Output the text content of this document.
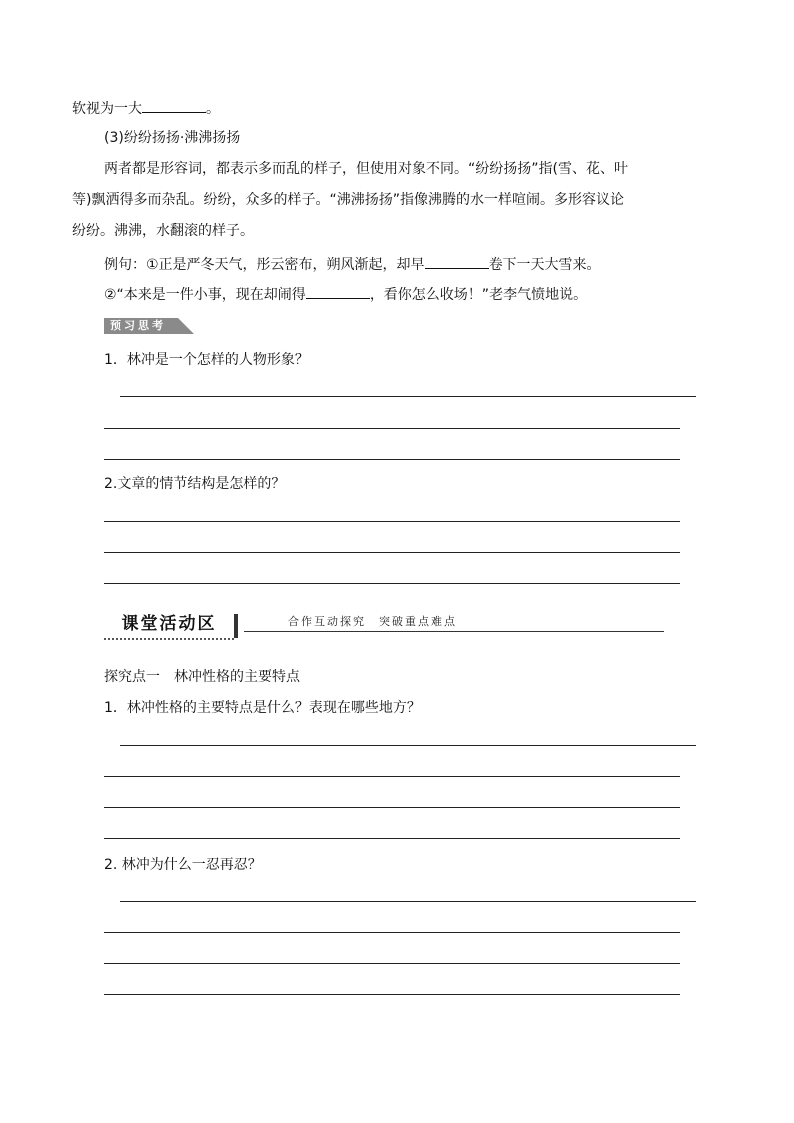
软视为一大	。
(3)纷纷扬扬·沸沸扬扬
两者都是形容词，都表示多而乱的样子，但使用对象不同。“纷纷扬扬”指(雪、花、叶
等)飘洒得多而杂乱。纷纷，众多的样子。“沸沸扬扬”指像沸腾的水一样喧闹。多形容议论
纷纷。沸沸，水翻滚的样子。
例句：①正是严冬天气，彤云密布，朔风渐起，却早	卷下一天大雪来。
②“本来是一件小事，现在却闹得	，看你怎么收场！”老李气愤地说。
预习思考
1．林冲是一个怎样的人物形象？
2.文章的情节结构是怎样的？
课堂活动区	合作互动探究　突破重点难点
探究点一　林冲性格的主要特点
1．林冲性格的主要特点是什么？表现在哪些地方？
2. 林冲为什么一忍再忍？
